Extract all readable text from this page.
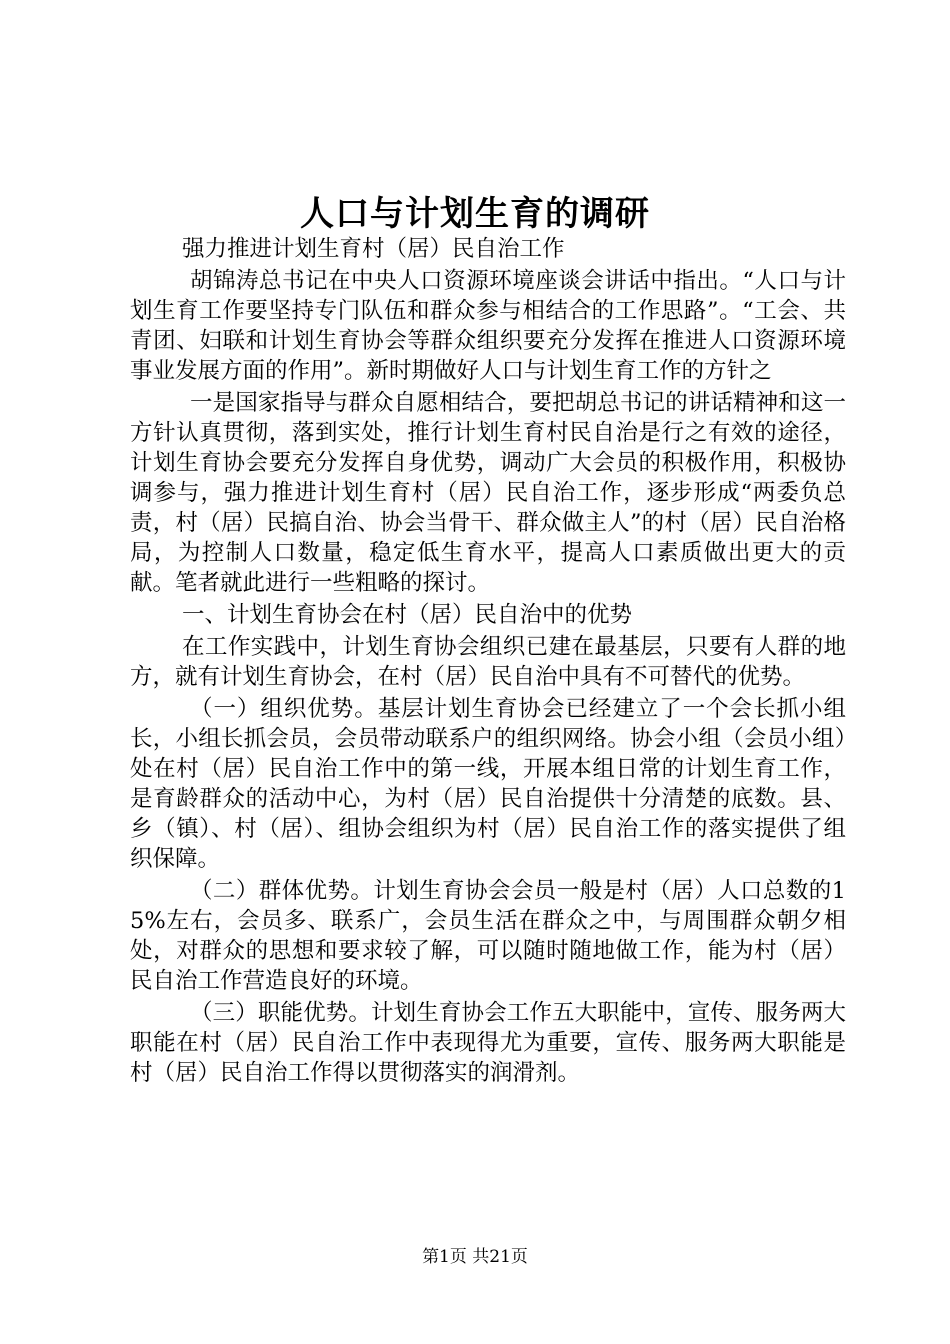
人口与计划生育的调研

强力推进计划生育村（居）民自治工作

胡锦涛总书记在中央人口资源环境座谈会讲话中指出。“人口与计划生育工作要坚持专门队伍和群众参与相结合的工作思路”。“工会、共青团、妇联和计划生育协会等群众组织要充分发挥在推进人口资源环境事业发展方面的作用”。新时期做好人口与计划生育工作的方针之

一是国家指导与群众自愿相结合，要把胡总书记的讲话精神和这一方针认真贯彻，落到实处，推行计划生育村民自治是行之有效的途径，计划生育协会要充分发挥自身优势，调动广大会员的积极作用，积极协调参与，强力推进计划生育村（居）民自治工作，逐步形成“两委负总责，村（居）民搞自治、协会当骨干、群众做主人”的村（居）民自治格局，为控制人口数量，稳定低生育水平，提高人口素质做出更大的贡献。笔者就此进行一些粗略的探讨。

一、计划生育协会在村（居）民自治中的优势

在工作实践中，计划生育协会组织已建在最基层，只要有人群的地方，就有计划生育协会，在村（居）民自治中具有不可替代的优势。

（一）组织优势。基层计划生育协会已经建立了一个会长抓小组长，小组长抓会员，会员带动联系户的组织网络。协会小组（会员小组）处在村（居）民自治工作中的第一线，开展本组日常的计划生育工作，是育龄群众的活动中心，为村（居）民自治提供十分清楚的底数。县、乡（镇）、村（居）、组协会组织为村（居）民自治工作的落实提供了组织保障。

（二）群体优势。计划生育协会会员一般是村（居）人口总数的15%左右，会员多、联系广，会员生活在群众之中，与周围群众朝夕相处，对群众的思想和要求较了解，可以随时随地做工作，能为村（居）民自治工作营造良好的环境。

（三）职能优势。计划生育协会工作五大职能中，宣传、服务两大职能在村（居）民自治工作中表现得尤为重要，宣传、服务两大职能是村（居）民自治工作得以贯彻落实的润滑剂。

第1页 共21页
